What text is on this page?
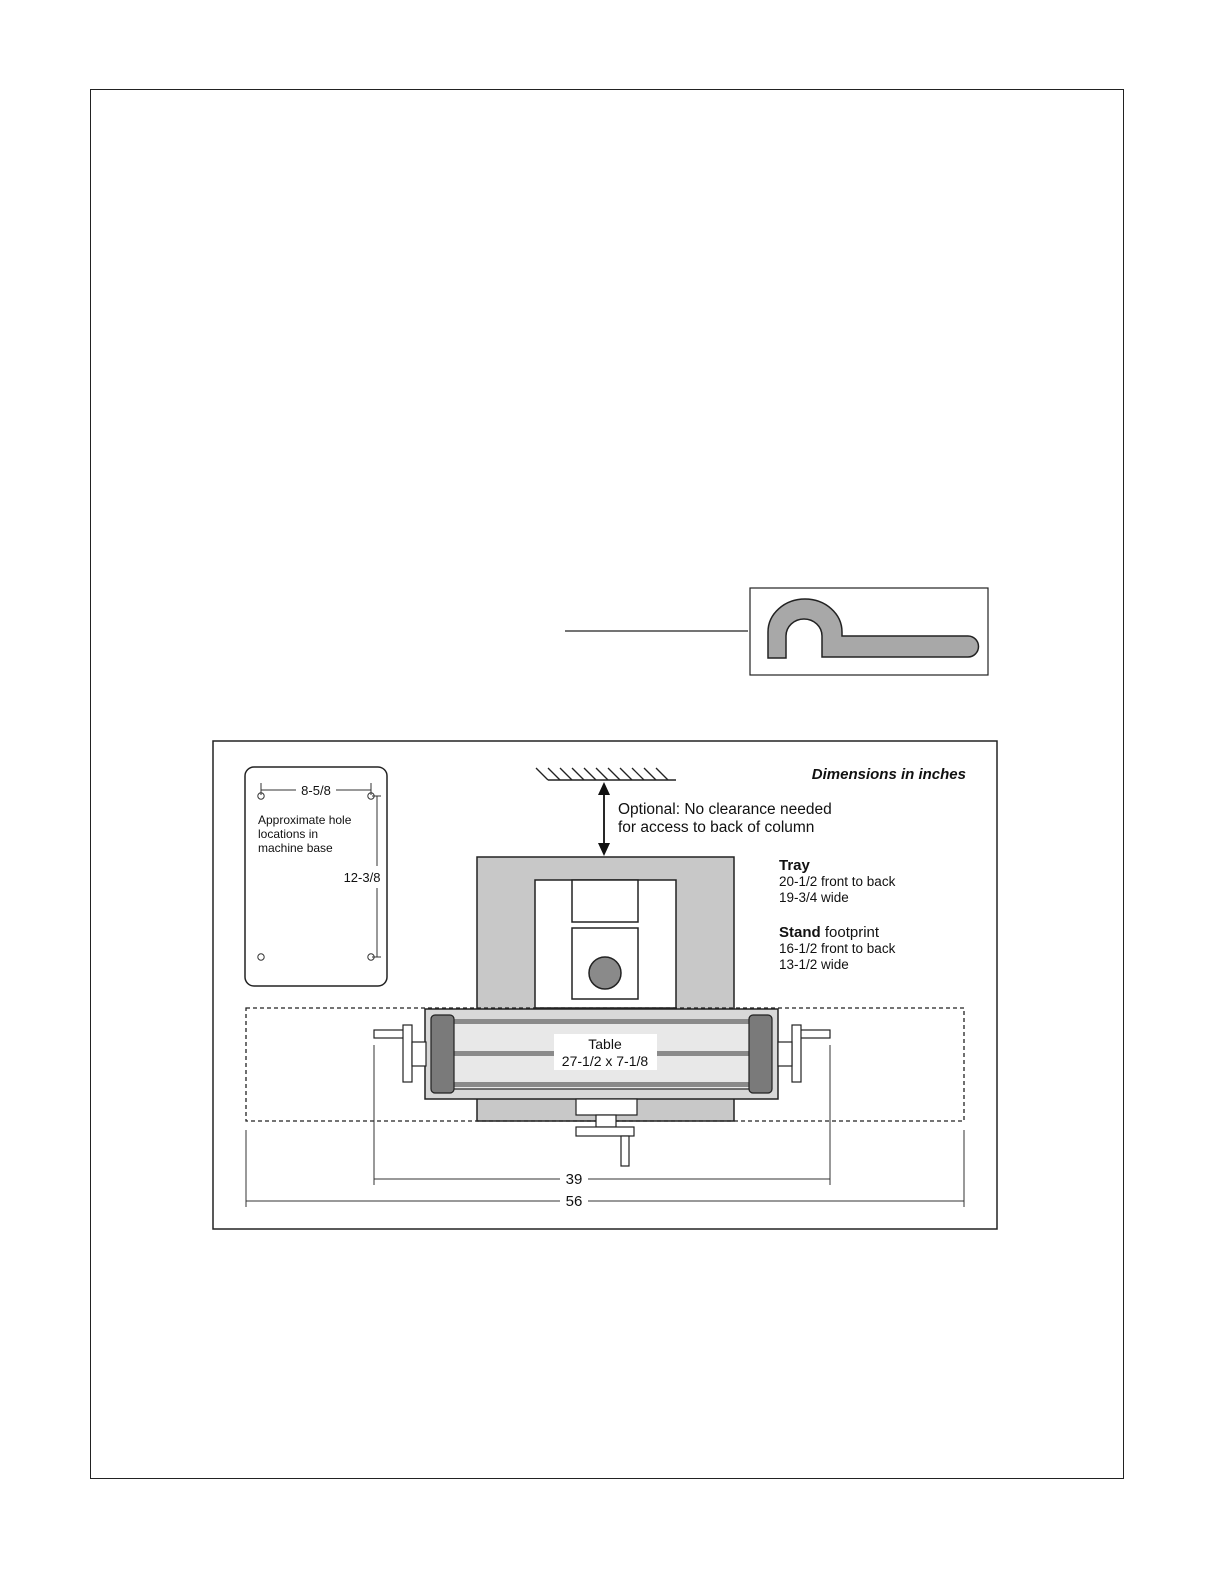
Dimensions in inches
8-5/8
12-3/8
Approximate hole
locations in
machine base
Optional: No clearance needed
for access to back of column
Tray
20-1/2 front to back
19-3/4 wide
Stand footprint
16-1/2 front to back
13-1/2 wide
Table
27-1/2 x 7-1/8
39
56
